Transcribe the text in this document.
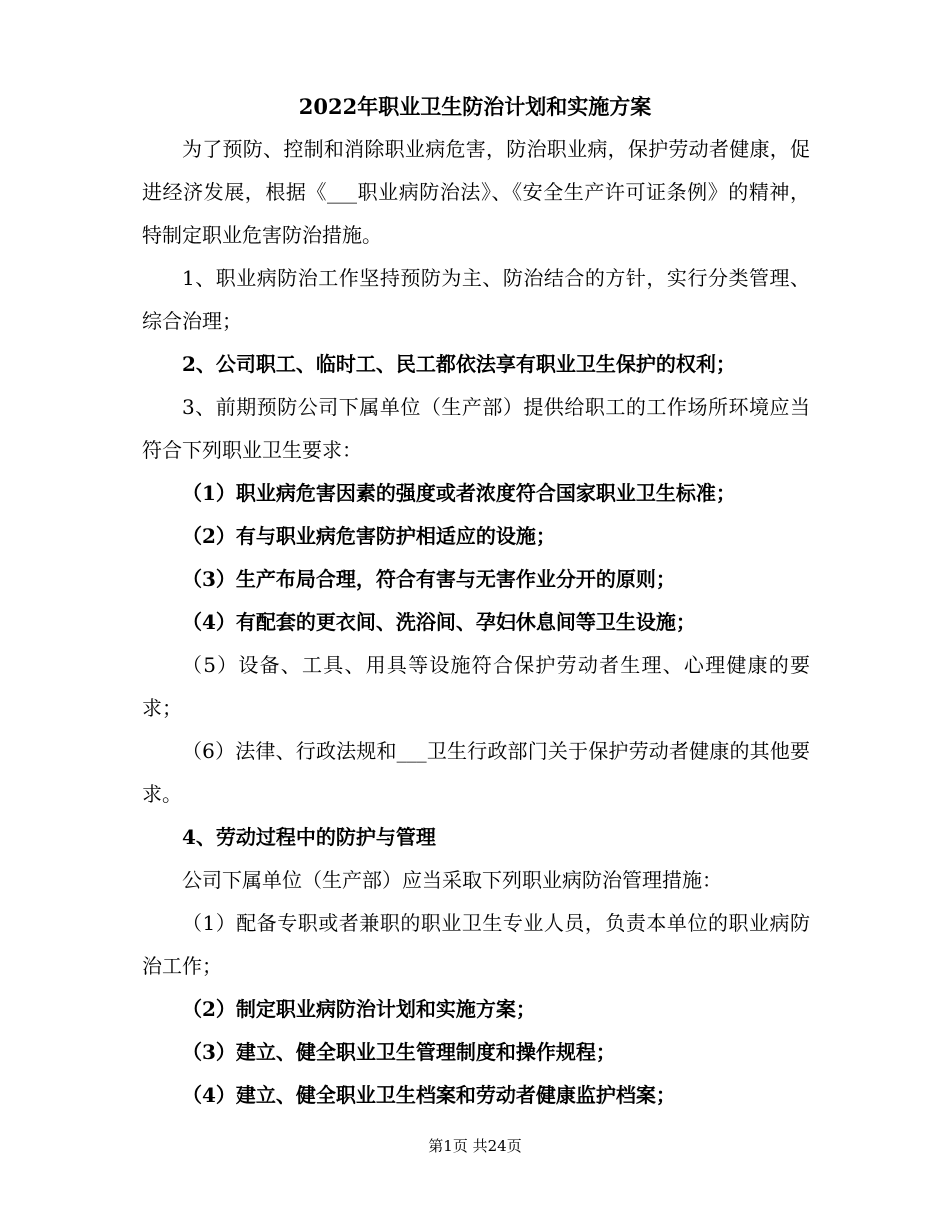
2022年职业卫生防治计划和实施方案

为了预防、控制和消除职业病危害，防治职业病，保护劳动者健康，促进经济发展，根据《___职业病防治法》、《安全生产许可证条例》的精神，特制定职业危害防治措施。

1、职业病防治工作坚持预防为主、防治结合的方针，实行分类管理、综合治理；

2、公司职工、临时工、民工都依法享有职业卫生保护的权利；

3、前期预防公司下属单位（生产部）提供给职工的工作场所环境应当符合下列职业卫生要求：

（1）职业病危害因素的强度或者浓度符合国家职业卫生标准；

（2）有与职业病危害防护相适应的设施；

（3）生产布局合理，符合有害与无害作业分开的原则；

（4）有配套的更衣间、洗浴间、孕妇休息间等卫生设施；

（5）设备、工具、用具等设施符合保护劳动者生理、心理健康的要求；

（6）法律、行政法规和___卫生行政部门关于保护劳动者健康的其他要求。

4、劳动过程中的防护与管理

公司下属单位（生产部）应当采取下列职业病防治管理措施：

（1）配备专职或者兼职的职业卫生专业人员，负责本单位的职业病防治工作；

（2）制定职业病防治计划和实施方案；

（3）建立、健全职业卫生管理制度和操作规程；

（4）建立、健全职业卫生档案和劳动者健康监护档案；

第1页 共24页
